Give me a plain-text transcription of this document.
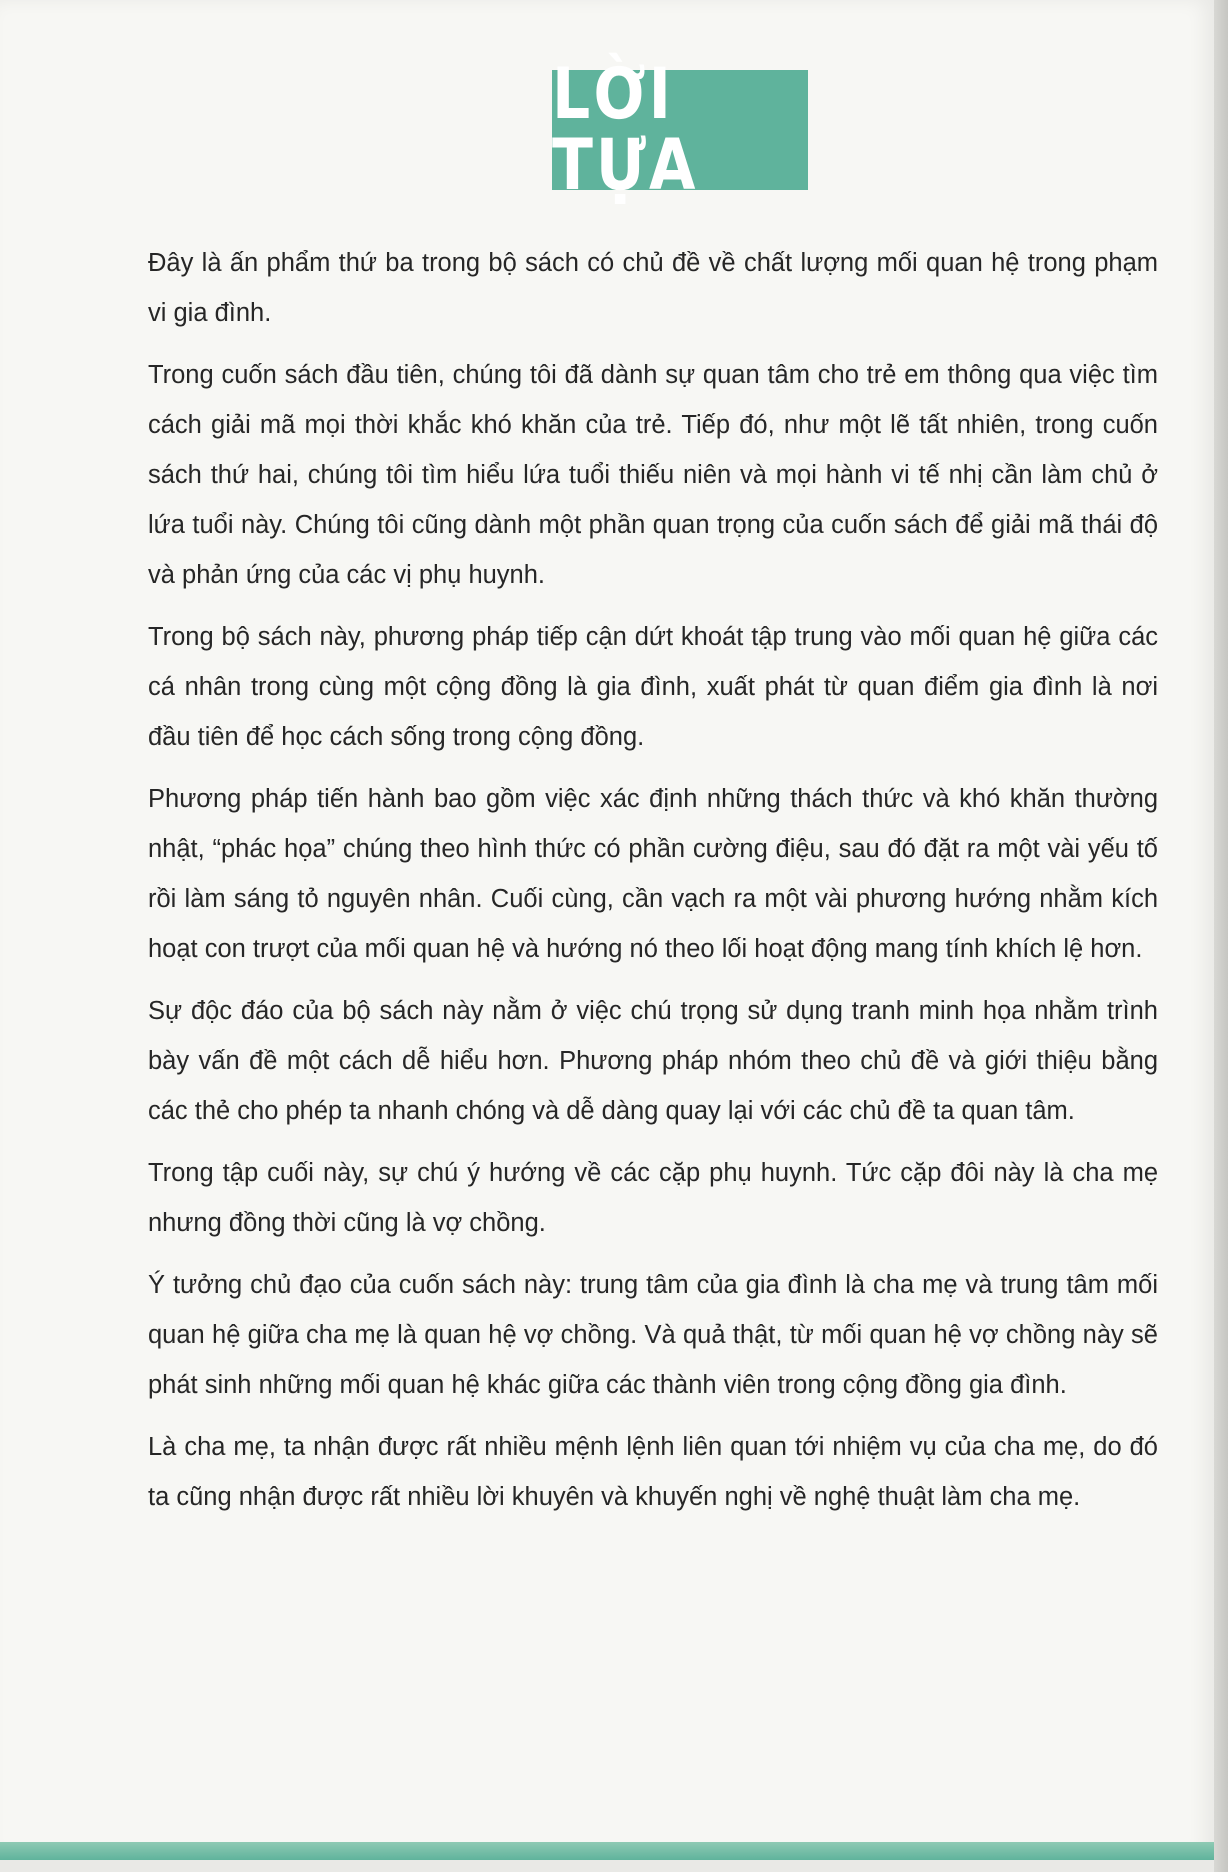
LỜI TỰA

Đây là ấn phẩm thứ ba trong bộ sách có chủ đề về chất lượng mối quan hệ trong phạm vi gia đình.

Trong cuốn sách đầu tiên, chúng tôi đã dành sự quan tâm cho trẻ em thông qua việc tìm cách giải mã mọi thời khắc khó khăn của trẻ. Tiếp đó, như một lẽ tất nhiên, trong cuốn sách thứ hai, chúng tôi tìm hiểu lứa tuổi thiếu niên và mọi hành vi tế nhị cần làm chủ ở lứa tuổi này. Chúng tôi cũng dành một phần quan trọng của cuốn sách để giải mã thái độ và phản ứng của các vị phụ huynh.

Trong bộ sách này, phương pháp tiếp cận dứt khoát tập trung vào mối quan hệ giữa các cá nhân trong cùng một cộng đồng là gia đình, xuất phát từ quan điểm gia đình là nơi đầu tiên để học cách sống trong cộng đồng.

Phương pháp tiến hành bao gồm việc xác định những thách thức và khó khăn thường nhật, “phác họa” chúng theo hình thức có phần cường điệu, sau đó đặt ra một vài yếu tố rồi làm sáng tỏ nguyên nhân. Cuối cùng, cần vạch ra một vài phương hướng nhằm kích hoạt con trượt của mối quan hệ và hướng nó theo lối hoạt động mang tính khích lệ hơn.

Sự độc đáo của bộ sách này nằm ở việc chú trọng sử dụng tranh minh họa nhằm trình bày vấn đề một cách dễ hiểu hơn. Phương pháp nhóm theo chủ đề và giới thiệu bằng các thẻ cho phép ta nhanh chóng và dễ dàng quay lại với các chủ đề ta quan tâm.

Trong tập cuối này, sự chú ý hướng về các cặp phụ huynh. Tức cặp đôi này là cha mẹ nhưng đồng thời cũng là vợ chồng.

Ý tưởng chủ đạo của cuốn sách này: trung tâm của gia đình là cha mẹ và trung tâm mối quan hệ giữa cha mẹ là quan hệ vợ chồng. Và quả thật, từ mối quan hệ vợ chồng này sẽ phát sinh những mối quan hệ khác giữa các thành viên trong cộng đồng gia đình.

Là cha mẹ, ta nhận được rất nhiều mệnh lệnh liên quan tới nhiệm vụ của cha mẹ, do đó ta cũng nhận được rất nhiều lời khuyên và khuyến nghị về nghệ thuật làm cha mẹ.
